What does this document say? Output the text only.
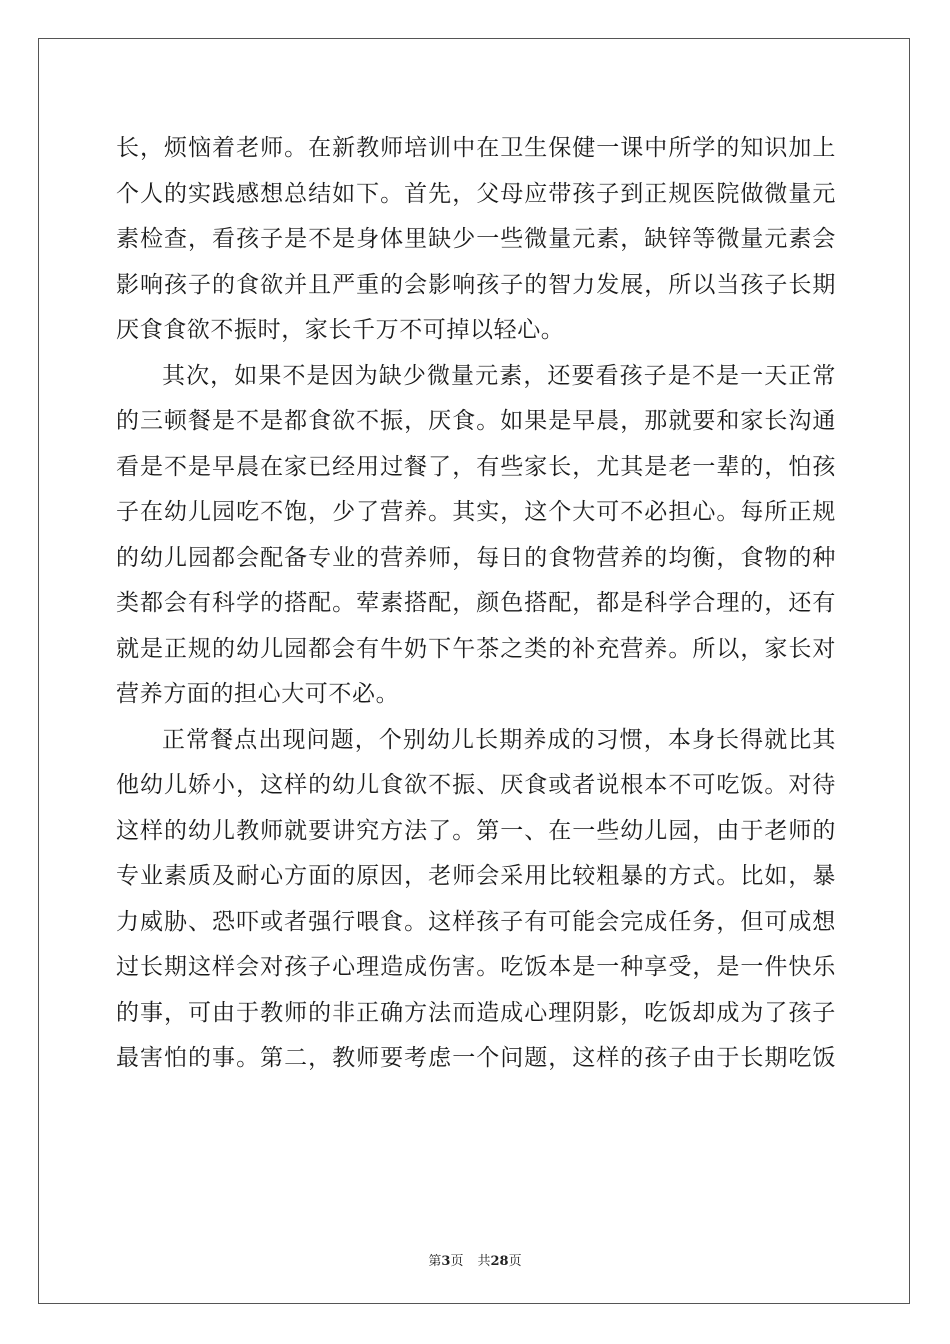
长，烦恼着老师。在新教师培训中在卫生保健一课中所学的知识加上
个人的实践感想总结如下。首先，父母应带孩子到正规医院做微量元
素检查，看孩子是不是身体里缺少一些微量元素，缺锌等微量元素会
影响孩子的食欲并且严重的会影响孩子的智力发展，所以当孩子长期
厌食食欲不振时，家长千万不可掉以轻心。
其次，如果不是因为缺少微量元素，还要看孩子是不是一天正常
的三顿餐是不是都食欲不振，厌食。如果是早晨，那就要和家长沟通
看是不是早晨在家已经用过餐了，有些家长，尤其是老一辈的，怕孩
子在幼儿园吃不饱，少了营养。其实，这个大可不必担心。每所正规
的幼儿园都会配备专业的营养师，每日的食物营养的均衡，食物的种
类都会有科学的搭配。荤素搭配，颜色搭配，都是科学合理的，还有
就是正规的幼儿园都会有牛奶下午茶之类的补充营养。所以，家长对
营养方面的担心大可不必。
正常餐点出现问题，个别幼儿长期养成的习惯，本身长得就比其
他幼儿娇小，这样的幼儿食欲不振、厌食或者说根本不可吃饭。对待
这样的幼儿教师就要讲究方法了。第一、在一些幼儿园，由于老师的
专业素质及耐心方面的原因，老师会采用比较粗暴的方式。比如，暴
力威胁、恐吓或者强行喂食。这样孩子有可能会完成任务，但可成想
过长期这样会对孩子心理造成伤害。吃饭本是一种享受，是一件快乐
的事，可由于教师的非正确方法而造成心理阴影，吃饭却成为了孩子
最害怕的事。第二，教师要考虑一个问题，这样的孩子由于长期吃饭
第3页 共28页
